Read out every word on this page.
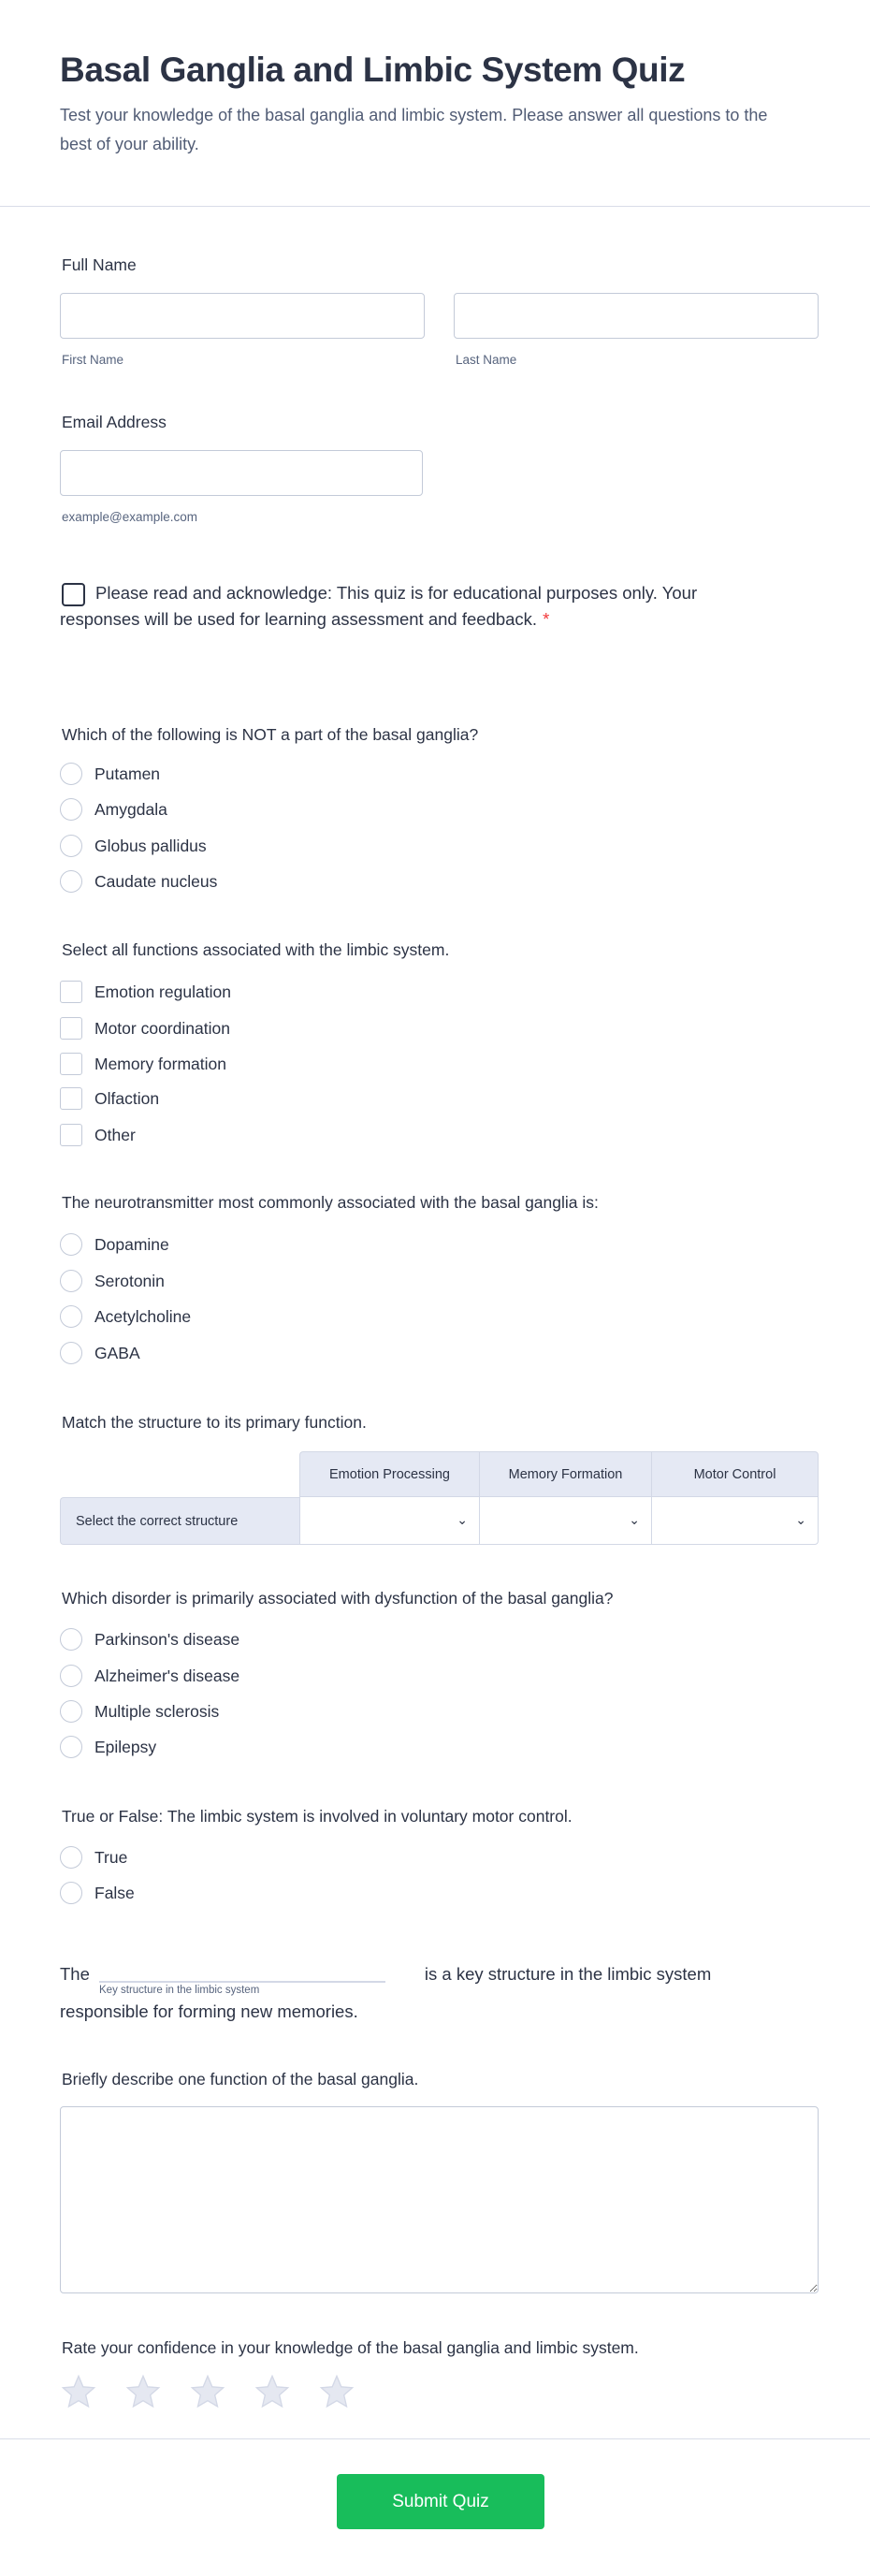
Basal Ganglia and Limbic System Quiz

Test your knowledge of the basal ganglia and limbic system. Please answer all questions to the best of your ability.

Full Name
First Name	Last Name
Email Address
example@example.com
Please read and acknowledge: This quiz is for educational purposes only. Your responses will be used for learning assessment and feedback. *
Which of the following is NOT a part of the basal ganglia?
Putamen
Amygdala
Globus pallidus
Caudate nucleus
Select all functions associated with the limbic system.
Emotion regulation
Motor coordination
Memory formation
Olfaction
Other
The neurotransmitter most commonly associated with the basal ganglia is:
Dopamine
Serotonin
Acetylcholine
GABA
Match the structure to its primary function.
	Emotion Processing	Memory Formation	Motor Control
Select the correct structure	⌄	⌄	⌄
Which disorder is primarily associated with dysfunction of the basal ganglia?
Parkinson's disease
Alzheimer's disease
Multiple sclerosis
Epilepsy
True or False: The limbic system is involved in voluntary motor control.
True
False
The	is a key structure in the limbic system responsible for forming new memories.
Key structure in the limbic system
Briefly describe one function of the basal ganglia.
Rate your confidence in your knowledge of the basal ganglia and limbic system.
Submit Quiz
